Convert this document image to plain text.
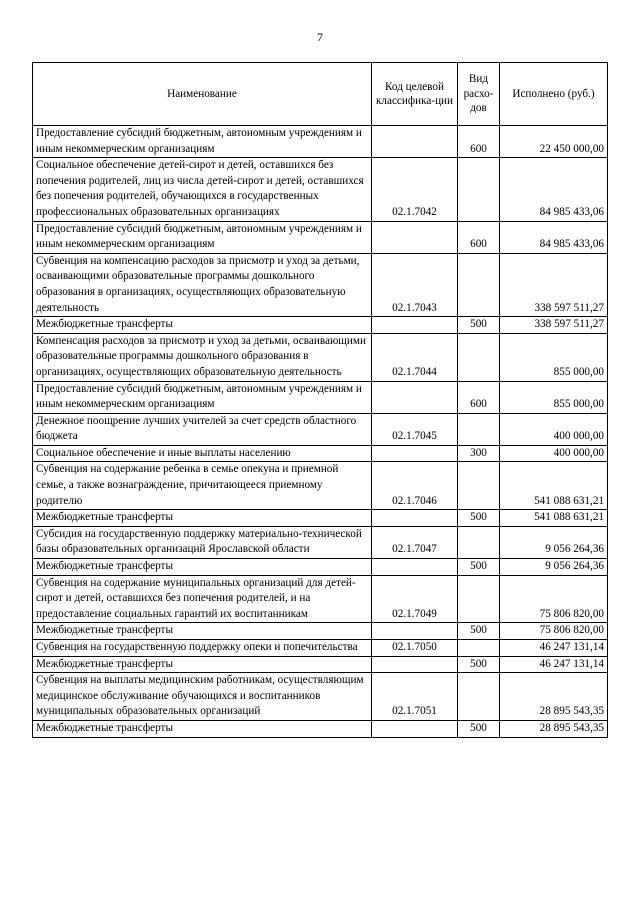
7
Наименование	Код целевой классифика-ции	Вид расхо-дов	Исполнено (руб.)
Предоставление субсидий бюджетным, автономным учреждениям и иным некоммерческим организациям		600	22 450 000,00
Социальное обеспечение детей-сирот и детей, оставшихся без попечения родителей, лиц из числа детей-сирот и детей, оставшихся без попечения родителей, обучающихся в государственных профессиональных образовательных организациях	02.1.7042		84 985 433,06
Предоставление субсидий бюджетным, автономным учреждениям и иным некоммерческим организациям		600	84 985 433,06
Субвенция на компенсацию расходов за присмотр и уход за детьми, осваивающими образовательные программы дошкольного образования в организациях, осуществляющих образовательную деятельность	02.1.7043		338 597 511,27
Межбюджетные трансферты		500	338 597 511,27
Компенсация расходов за присмотр и уход за детьми, осваивающими образовательные программы дошкольного образования в организациях, осуществляющих образовательную деятельность	02.1.7044		855 000,00
Предоставление субсидий бюджетным, автономным учреждениям и иным некоммерческим организациям		600	855 000,00
Денежное поощрение лучших учителей за счет средств областного бюджета	02.1.7045		400 000,00
Социальное обеспечение и иные выплаты населению		300	400 000,00
Субвенция на содержание ребенка в семье опекуна и приемной семье, а также вознаграждение, причитающееся приемному родителю	02.1.7046		541 088 631,21
Межбюджетные трансферты		500	541 088 631,21
Субсидия на государственную поддержку материально-технической базы образовательных организаций Ярославской области	02.1.7047		9 056 264,36
Межбюджетные трансферты		500	9 056 264,36
Субвенция на содержание муниципальных организаций для детей-сирот и детей, оставшихся без попечения родителей, и на предоставление социальных гарантий их воспитанникам	02.1.7049		75 806 820,00
Межбюджетные трансферты		500	75 806 820,00
Субвенция на государственную поддержку опеки и попечительства	02.1.7050		46 247 131,14
Межбюджетные трансферты		500	46 247 131,14
Субвенция на выплаты медицинским работникам, осуществляющим медицинское обслуживание обучающихся и воспитанников муниципальных образовательных организаций	02.1.7051		28 895 543,35
Межбюджетные трансферты		500	28 895 543,35
